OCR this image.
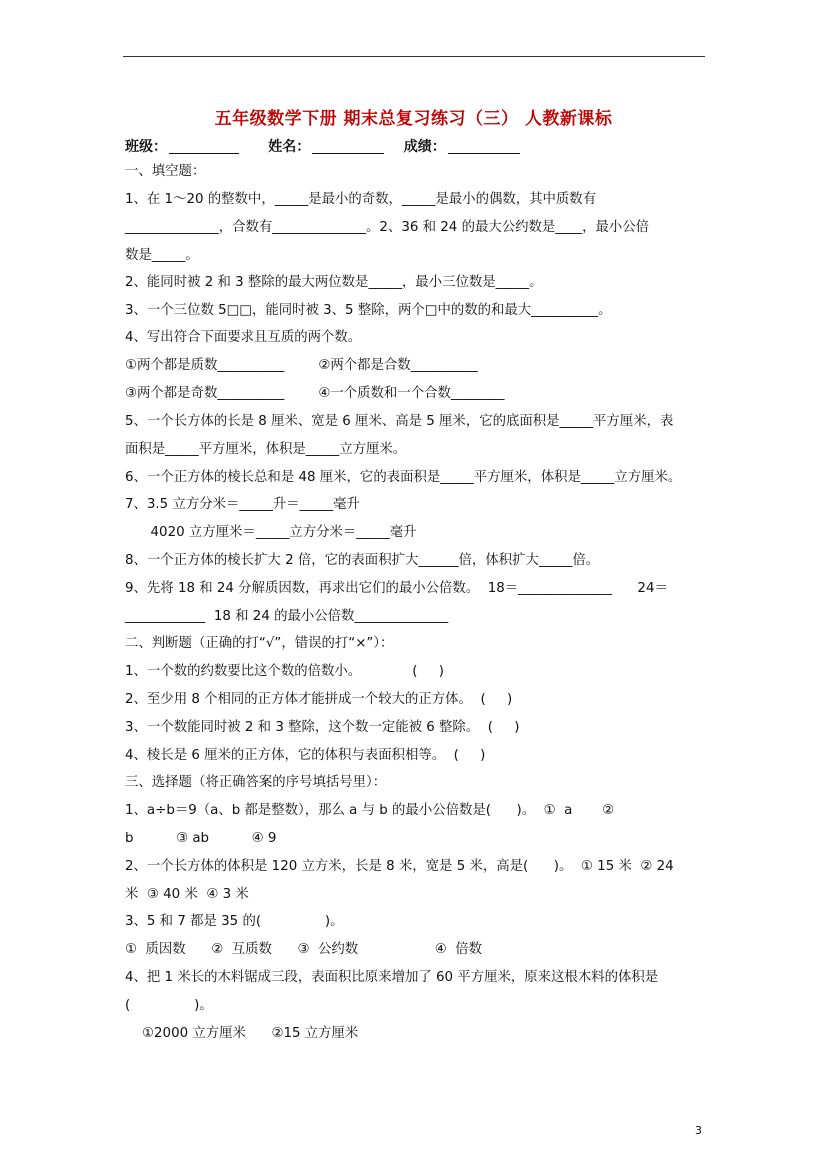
五年级数学下册 期末总复习练习（三） 人教新课标
班级：	姓名：	成绩：
一、填空题：
1、在 1～20 的整数中，_____是最小的奇数，_____是最小的偶数，其中质数有
______________，合数有______________。2、36 和 24 的最大公约数是____，最小公倍
数是_____。
2、能同时被 2 和 3 整除的最大两位数是_____，最小三位数是_____。
3、一个三位数 5□□，能同时被 3、5 整除，两个□中的数的和最大__________。
4、写出符合下面要求且互质的两个数。
①两个都是质数__________        ②两个都是合数__________
③两个都是奇数__________        ④一个质数和一个合数________
5、一个长方体的长是 8 厘米、宽是 6 厘米、高是 5 厘米，它的底面积是_____平方厘米，表
面积是_____平方厘米，体积是_____立方厘米。
6、一个正方体的棱长总和是 48 厘米，它的表面积是_____平方厘米，体积是_____立方厘米。
7、3.5 立方分米＝_____升＝_____毫升
4020 立方厘米＝_____立方分米＝_____毫升
8、一个正方体的棱长扩大 2 倍，它的表面积扩大______倍，体积扩大_____倍。
9、先将 18 和 24 分解质因数，再求出它们的最小公倍数。  18＝______________      24＝
____________  18 和 24 的最小公倍数______________
二、判断题（正确的打“√”，错误的打“×”）：
1、一个数的约数要比这个数的倍数小。            (     )
2、至少用 8 个相同的正方体才能拼成一个较大的正方体。  (     )
3、一个数能同时被 2 和 3 整除，这个数一定能被 6 整除。  (     )
4、棱长是 6 厘米的正方体，它的体积与表面积相等。  (     )
三、选择题（将正确答案的序号填括号里）：
1、a÷b＝9（a、b 都是整数），那么 a 与 b 的最小公倍数是(      )。  ①  a       ②
b          ③ ab          ④ 9
2、一个长方体的体积是 120 立方米，长是 8 米，宽是 5 米，高是(      )。  ① 15 米  ② 24
米  ③ 40 米  ④ 3 米
3、5 和 7 都是 35 的(               )。
①  质因数      ②  互质数      ③  公约数                  ④  倍数
4、把 1 米长的木料锯成三段，表面积比原来增加了 60 平方厘米，原来这根木料的体积是
(               )。
①2000 立方厘米      ②15 立方厘米
3
